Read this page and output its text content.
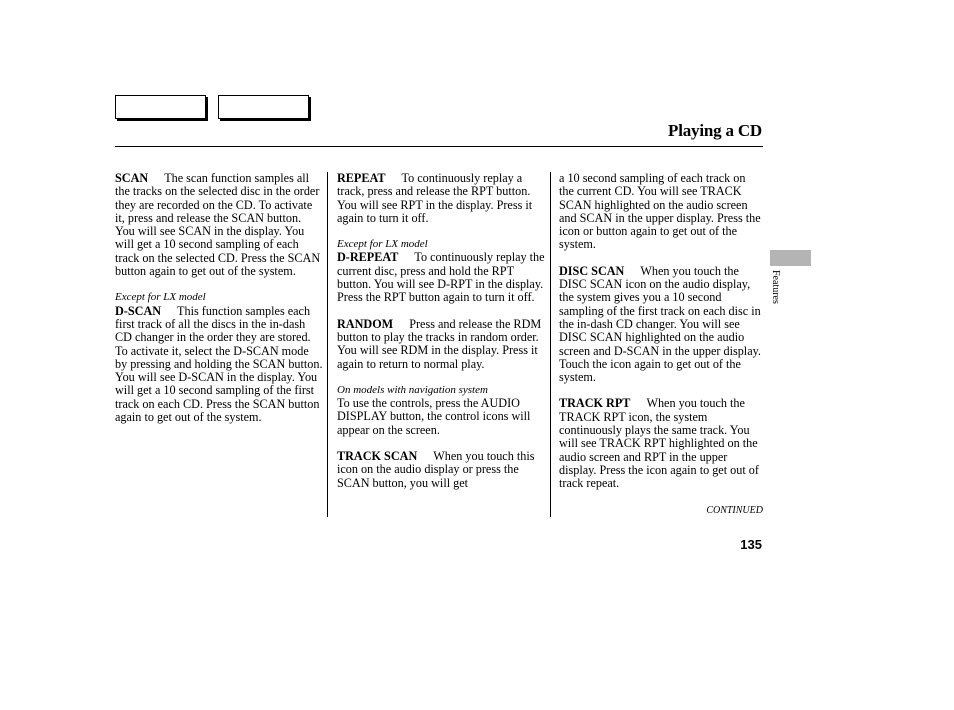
Playing a CD

SCAN The scan function samples all the tracks on the selected disc in the order they are recorded on the CD. To activate it, press and release the SCAN button. You will see SCAN in the display. You will get a 10 second sampling of each track on the selected CD. Press the SCAN button again to get out of the system.

Except for LX model

D-SCAN This function samples each first track of all the discs in the in-dash CD changer in the order they are stored. To activate it, select the D-SCAN mode by pressing and holding the SCAN button. You will see D-SCAN in the display. You will get a 10 second sampling of the first track on each CD. Press the SCAN button again to get out of the system.

REPEAT To continuously replay a track, press and release the RPT button. You will see RPT in the display. Press it again to turn it off.

Except for LX model

D-REPEAT To continuously replay the current disc, press and hold the RPT button. You will see D-RPT in the display. Press the RPT button again to turn it off.

RANDOM Press and release the RDM button to play the tracks in random order. You will see RDM in the display. Press it again to return to normal play.

On models with navigation system

To use the controls, press the AUDIO DISPLAY button, the control icons will appear on the screen.

TRACK SCAN When you touch this icon on the audio display or press the SCAN button, you will get

a 10 second sampling of each track on the current CD. You will see TRACK SCAN highlighted on the audio screen and SCAN in the upper display. Press the icon or button again to get out of the system.

DISC SCAN When you touch the DISC SCAN icon on the audio display, the system gives you a 10 second sampling of the first track on each disc in the in-dash CD changer. You will see DISC SCAN highlighted on the audio screen and D-SCAN in the upper display. Touch the icon again to get out of the system.

TRACK RPT When you touch the TRACK RPT icon, the system continuously plays the same track. You will see TRACK RPT highlighted on the audio screen and RPT in the upper display. Press the icon again to get out of track repeat.

Features
CONTINUED
135
